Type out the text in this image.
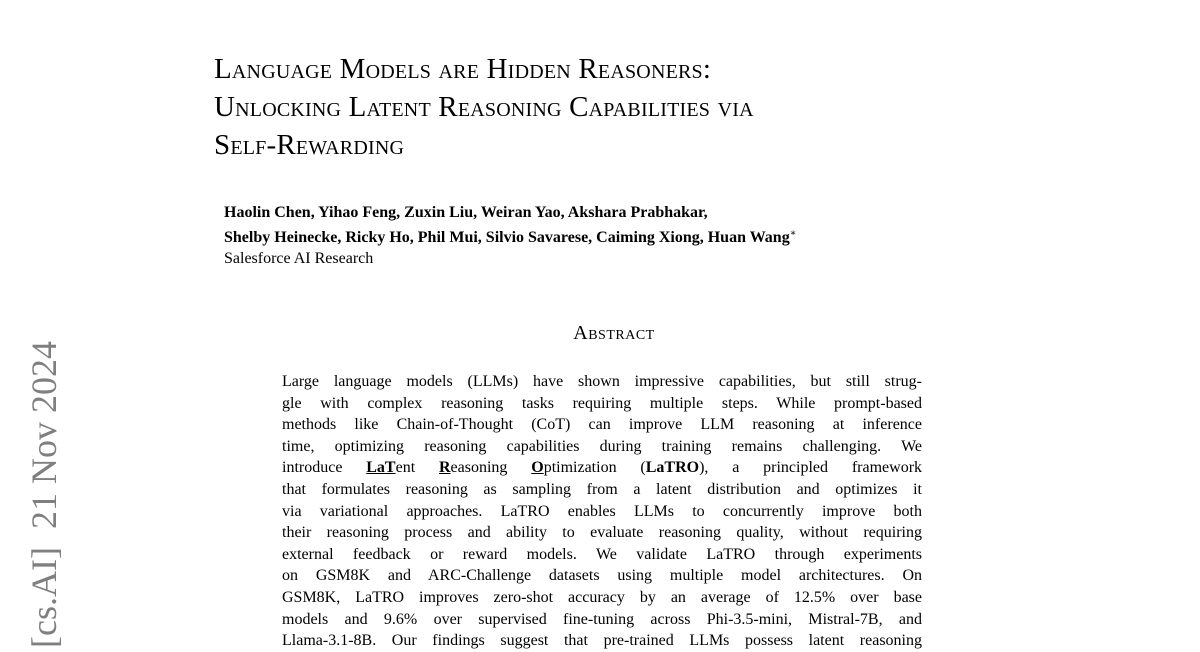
[cs.AI]21 Nov 2024
Language Models are Hidden Reasoners:
Unlocking Latent Reasoning Capabilities via
Self-Rewarding
Haolin Chen, Yihao Feng, Zuxin Liu, Weiran Yao, Akshara Prabhakar,
Shelby Heinecke, Ricky Ho, Phil Mui, Silvio Savarese, Caiming Xiong, Huan Wang∗
Salesforce AI Research
Abstract
Large language models (LLMs) have shown impressive capabilities, but still strug-
gle with complex reasoning tasks requiring multiple steps. While prompt-based
methods like Chain-of-Thought (CoT) can improve LLM reasoning at inference
time, optimizing reasoning capabilities during training remains challenging. We
introduce LaTent Reasoning Optimization (LaTRO), a principled framework
that formulates reasoning as sampling from a latent distribution and optimizes it
via variational approaches. LaTRO enables LLMs to concurrently improve both
their reasoning process and ability to evaluate reasoning quality, without requiring
external feedback or reward models. We validate LaTRO through experiments
on GSM8K and ARC-Challenge datasets using multiple model architectures. On
GSM8K, LaTRO improves zero-shot accuracy by an average of 12.5% over base
models and 9.6% over supervised fine-tuning across Phi-3.5-mini, Mistral-7B, and
Llama-3.1-8B. Our findings suggest that pre-trained LLMs possess latent reasoning
